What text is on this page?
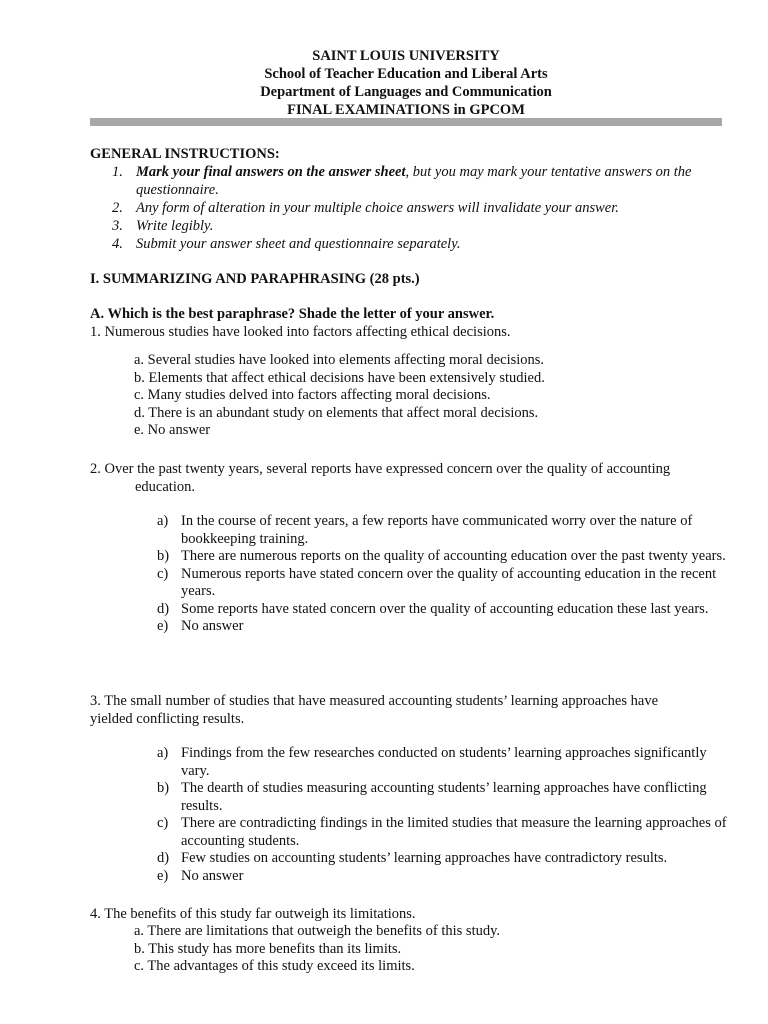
SAINT LOUIS UNIVERSITY
School of Teacher Education and Liberal Arts
Department of Languages and Communication
FINAL EXAMINATIONS in GPCOM
GENERAL INSTRUCTIONS:
1. Mark your final answers on the answer sheet, but you may mark your tentative answers on the questionnaire.
2. Any form of alteration in your multiple choice answers will invalidate your answer.
3. Write legibly.
4. Submit your answer sheet and questionnaire separately.
I. SUMMARIZING AND PARAPHRASING (28 pts.)
A. Which is the best paraphrase? Shade the letter of your answer.
1. Numerous studies have looked into factors affecting ethical decisions.
a. Several studies have looked into elements affecting moral decisions.
b. Elements that affect ethical decisions have been extensively studied.
c. Many studies delved into factors affecting moral decisions.
d. There is an abundant study on elements that affect moral decisions.
e. No answer
2. Over the past twenty years, several reports have expressed concern over the quality of accounting
education.
a) In the course of recent years, a few reports have communicated worry over the nature of bookkeeping training.
b) There are numerous reports on the quality of accounting education over the past twenty years.
c) Numerous reports have stated concern over the quality of accounting education in the recent years.
d) Some reports have stated concern over the quality of accounting education these last years.
e) No answer
3. The small number of studies that have measured accounting students’ learning approaches have yielded conflicting results.
a) Findings from the few researches conducted on students’ learning approaches significantly vary.
b) The dearth of studies measuring accounting students’ learning approaches have conflicting results.
c) There are contradicting findings in the limited studies that measure the learning approaches of accounting students.
d) Few studies on accounting students’ learning approaches have contradictory results.
e) No answer
4. The benefits of this study far outweigh its limitations.
a. There are limitations that outweigh the benefits of this study.
b. This study has more benefits than its limits.
c. The advantages of this study exceed its limits.
